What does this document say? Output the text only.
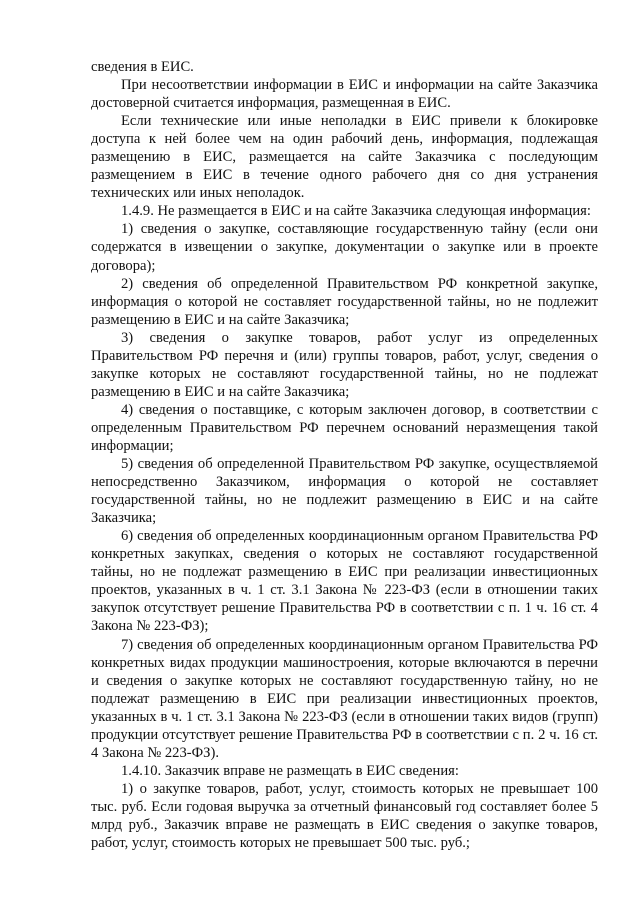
сведения в ЕИС.

При несоответствии информации в ЕИС и информации на сайте Заказчика достоверной считается информация, размещенная в ЕИС.

Если технические или иные неполадки в ЕИС привели к блокировке доступа к ней более чем на один рабочий день, информация, подлежащая размещению в ЕИС, размещается на сайте Заказчика с последующим размещением в ЕИС в течение одного рабочего дня со дня устранения технических или иных неполадок.

1.4.9. Не размещается в ЕИС и на сайте Заказчика следующая информация:

1) сведения о закупке, составляющие государственную тайну (если они содержатся в извещении о закупке, документации о закупке или в проекте договора);

2) сведения об определенной Правительством РФ конкретной закупке, информация о которой не составляет государственной тайны, но не подлежит размещению в ЕИС и на сайте Заказчика;

3) сведения о закупке товаров, работ услуг из определенных Правительством РФ перечня и (или) группы товаров, работ, услуг, сведения о закупке которых не составляют государственной тайны, но не подлежат размещению в ЕИС и на сайте Заказчика;

4) сведения о поставщике, с которым заключен договор, в соответствии с определенным Правительством РФ перечнем оснований неразмещения такой информации;

5) сведения об определенной Правительством РФ закупке, осуществляемой непосредственно Заказчиком, информация о которой не составляет государственной тайны, но не подлежит размещению в ЕИС и на сайте Заказчика;

6) сведения об определенных координационным органом Правительства РФ конкретных закупках, сведения о которых не составляют государственной тайны, но не подлежат размещению в ЕИС при реализации инвестиционных проектов, указанных в ч. 1 ст. 3.1 Закона № 223-ФЗ (если в отношении таких закупок отсутствует решение Правительства РФ в соответствии с п. 1 ч. 16 ст. 4 Закона № 223-ФЗ);

7) сведения об определенных координационным органом Правительства РФ конкретных видах продукции машиностроения, которые включаются в перечни и сведения о закупке которых не составляют государственную тайну, но не подлежат размещению в ЕИС при реализации инвестиционных проектов, указанных в ч. 1 ст. 3.1 Закона № 223-ФЗ (если в отношении таких видов (групп) продукции отсутствует решение Правительства РФ в соответствии с п. 2 ч. 16 ст. 4 Закона № 223-ФЗ).

1.4.10. Заказчик вправе не размещать в ЕИС сведения:

1) о закупке товаров, работ, услуг, стоимость которых не превышает 100 тыс. руб. Если годовая выручка за отчетный финансовый год составляет более 5 млрд руб., Заказчик вправе не размещать в ЕИС сведения о закупке товаров, работ, услуг, стоимость которых не превышает 500 тыс. руб.;
